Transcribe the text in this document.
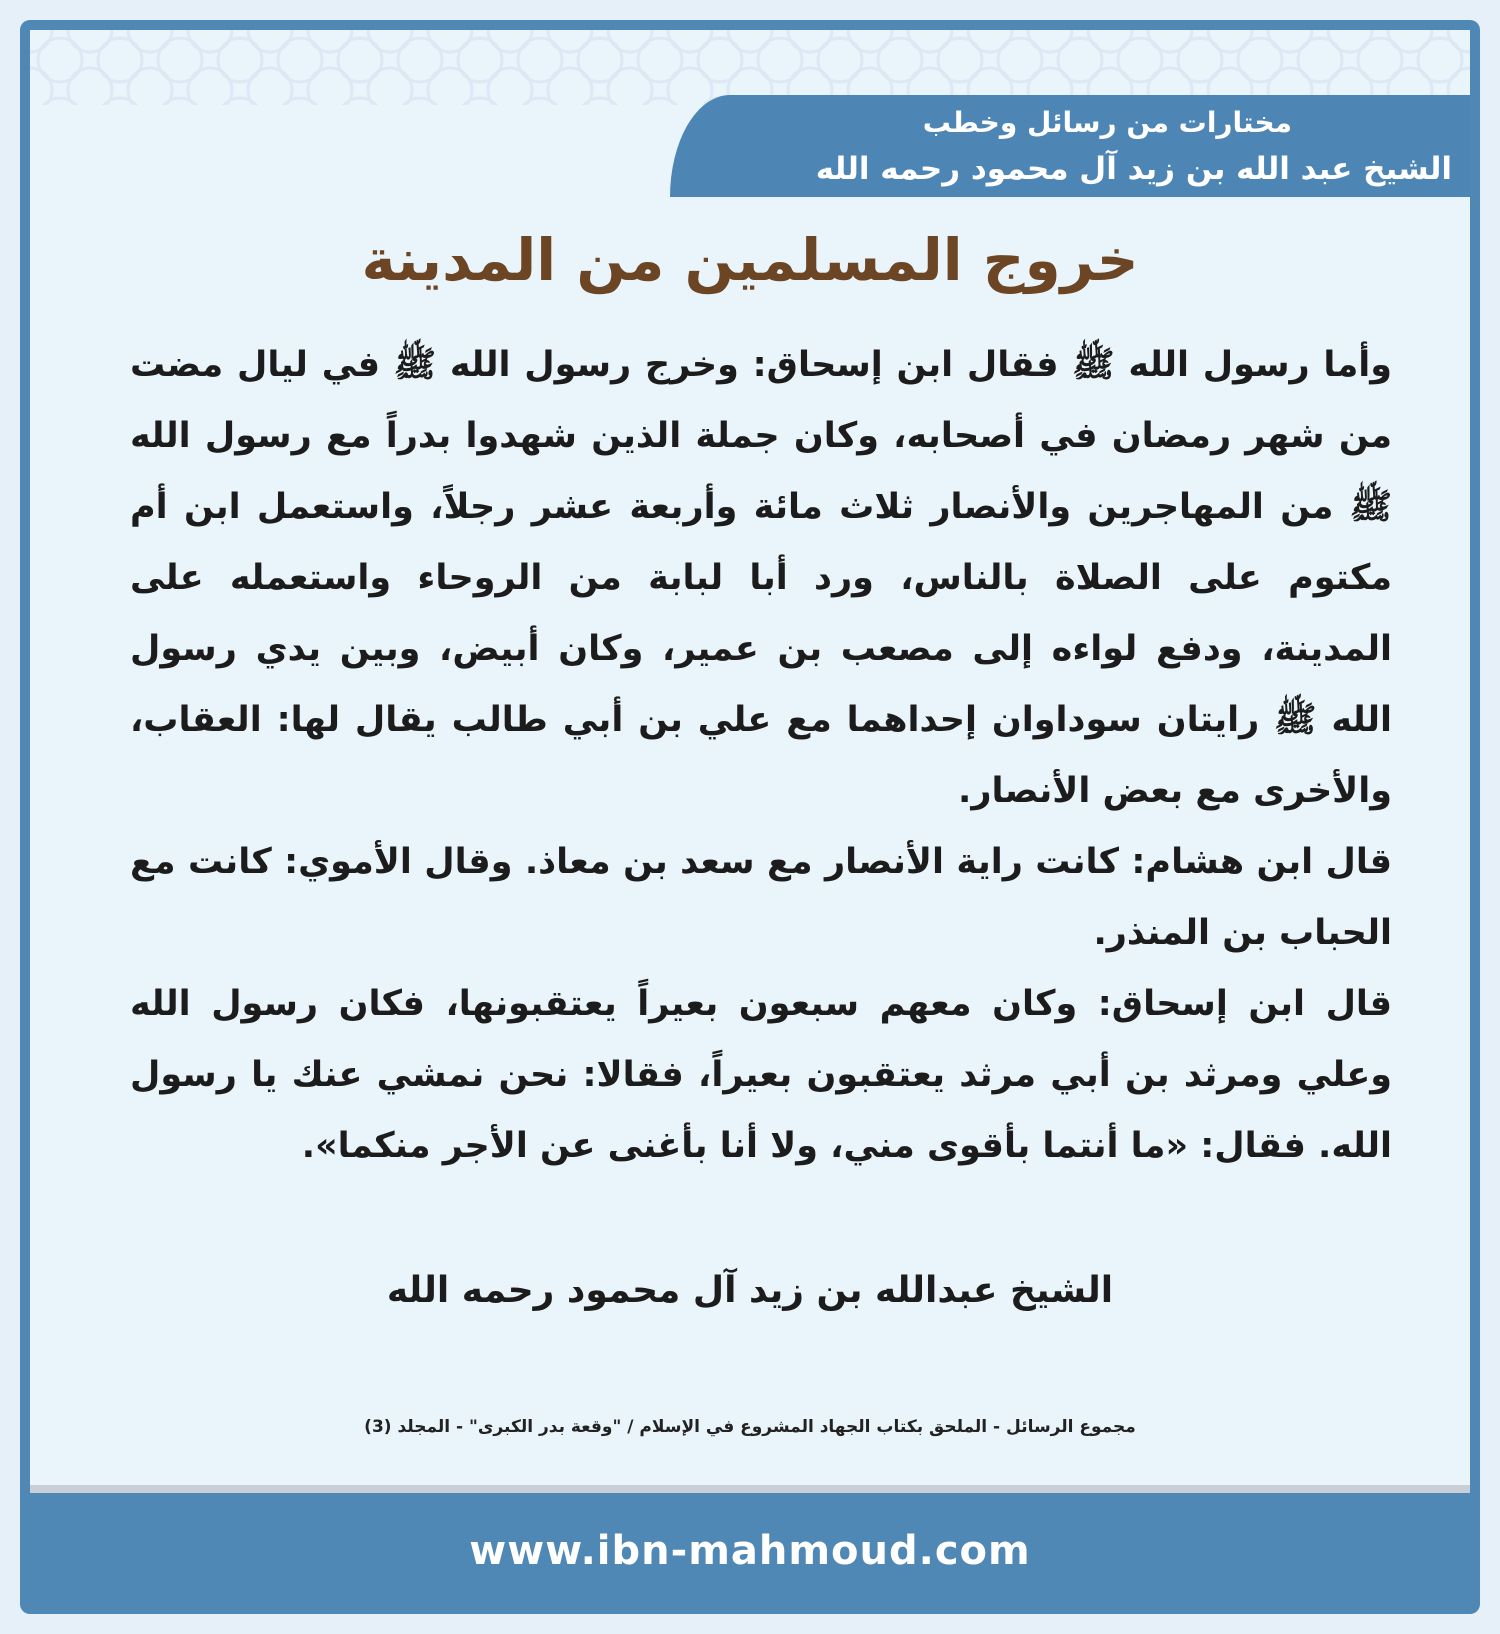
مختارات من رسائل وخطب
الشيخ عبد الله بن زيد آل محمود رحمه الله
خروج المسلمين من المدينة

وأما رسول الله ﷺ فقال ابن إسحاق: وخرج رسول الله ﷺ في ليال مضت من شهر رمضان في أصحابه، وكان جملة الذين شهدوا بدراً مع رسول الله ﷺ من المهاجرين والأنصار ثلاث مائة وأربعة عشر رجلاً، واستعمل ابن أم مكتوم على الصلاة بالناس، ورد أبا لبابة من الروحاء واستعمله على المدينة، ودفع لواءه إلى مصعب بن عمير، وكان أبيض، وبين يدي رسول الله ﷺ رايتان سوداوان إحداهما مع علي بن أبي طالب يقال لها: العقاب، والأخرى مع بعض الأنصار.

قال ابن هشام: كانت راية الأنصار مع سعد بن معاذ. وقال الأموي: كانت مع الحباب بن المنذر.

قال ابن إسحاق: وكان معهم سبعون بعيراً يعتقبونها، فكان رسول الله وعلي ومرثد بن أبي مرثد يعتقبون بعيراً، فقالا: نحن نمشي عنك يا رسول الله. فقال: «ما أنتما بأقوى مني، ولا أنا بأغنى عن الأجر منكما».

الشيخ عبدالله بن زيد آل محمود رحمه الله
مجموع الرسائل - الملحق بكتاب الجهاد المشروع في الإسلام / "وقعة بدر الكبرى" - المجلد (3)
www.ibn-mahmoud.com
